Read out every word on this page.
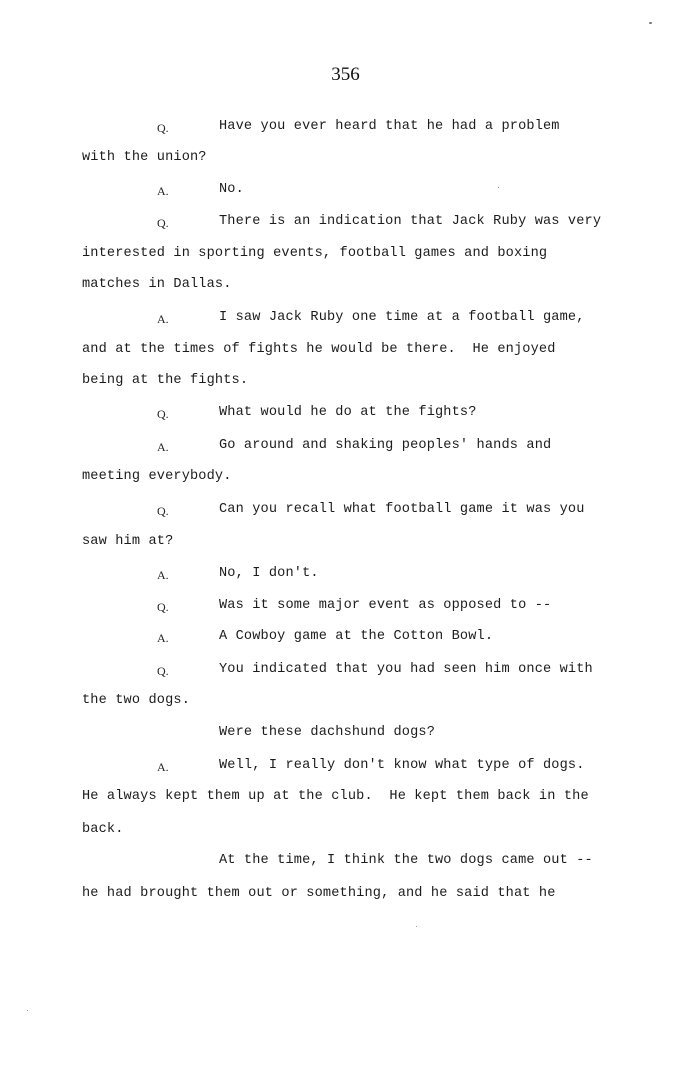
356
Q.	Have you ever heard that he had a problem
with the union?
A.	No.
Q.	There is an indication that Jack Ruby was very
interested in sporting events, football games and boxing
matches in Dallas.
A.	I saw Jack Ruby one time at a football game,
and at the times of fights he would be there.  He enjoyed
being at the fights.
Q.	What would he do at the fights?
A.	Go around and shaking peoples' hands and
meeting everybody.
Q.	Can you recall what football game it was you
saw him at?
A.	No, I don't.
Q.	Was it some major event as opposed to --
A.	A Cowboy game at the Cotton Bowl.
Q.	You indicated that you had seen him once with
the two dogs.
Were these dachshund dogs?
A.	Well, I really don't know what type of dogs.
He always kept them up at the club.  He kept them back in the
back.
At the time, I think the two dogs came out --
he had brought them out or something, and he said that he
